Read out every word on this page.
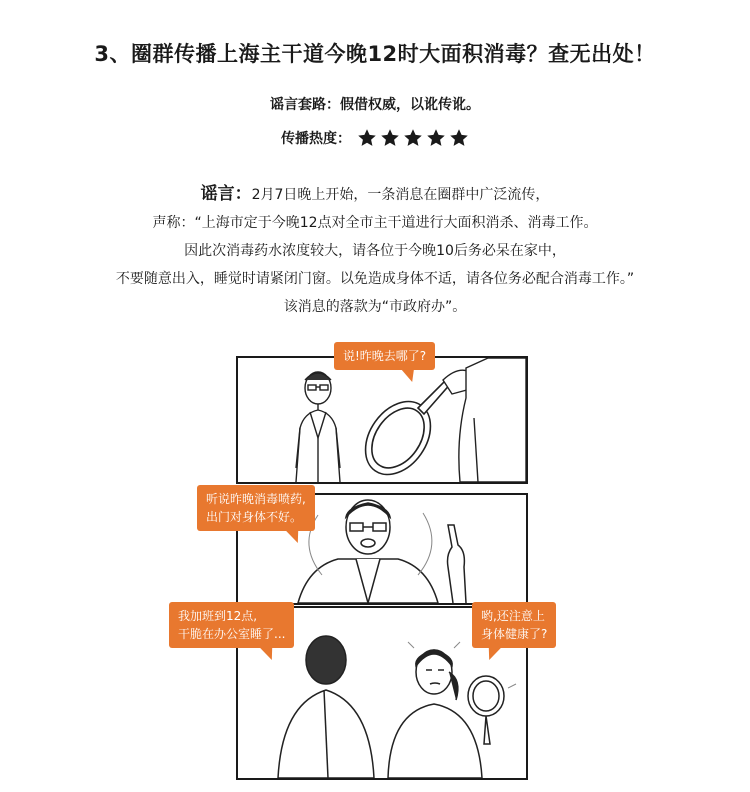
3、圈群传播上海主干道今晚12时大面积消毒？查无出处！
谣言套路：假借权威，以讹传讹。
传播热度：

谣言：2月7日晚上开始，一条消息在圈群中广泛流传，

声称：“上海市定于今晚12点对全市主干道进行大面积消杀、消毒工作。

因此次消毒药水浓度较大，请各位于今晚10后务必呆在家中，

不要随意出入，睡觉时请紧闭门窗。以免造成身体不适，请各位务必配合消毒工作。”

该消息的落款为“市政府办”。

说!昨晚去哪了?
听说昨晚消毒喷药,
出门对身体不好。
我加班到12点,
干脆在办公室睡了...
哟,还注意上
身体健康了?
